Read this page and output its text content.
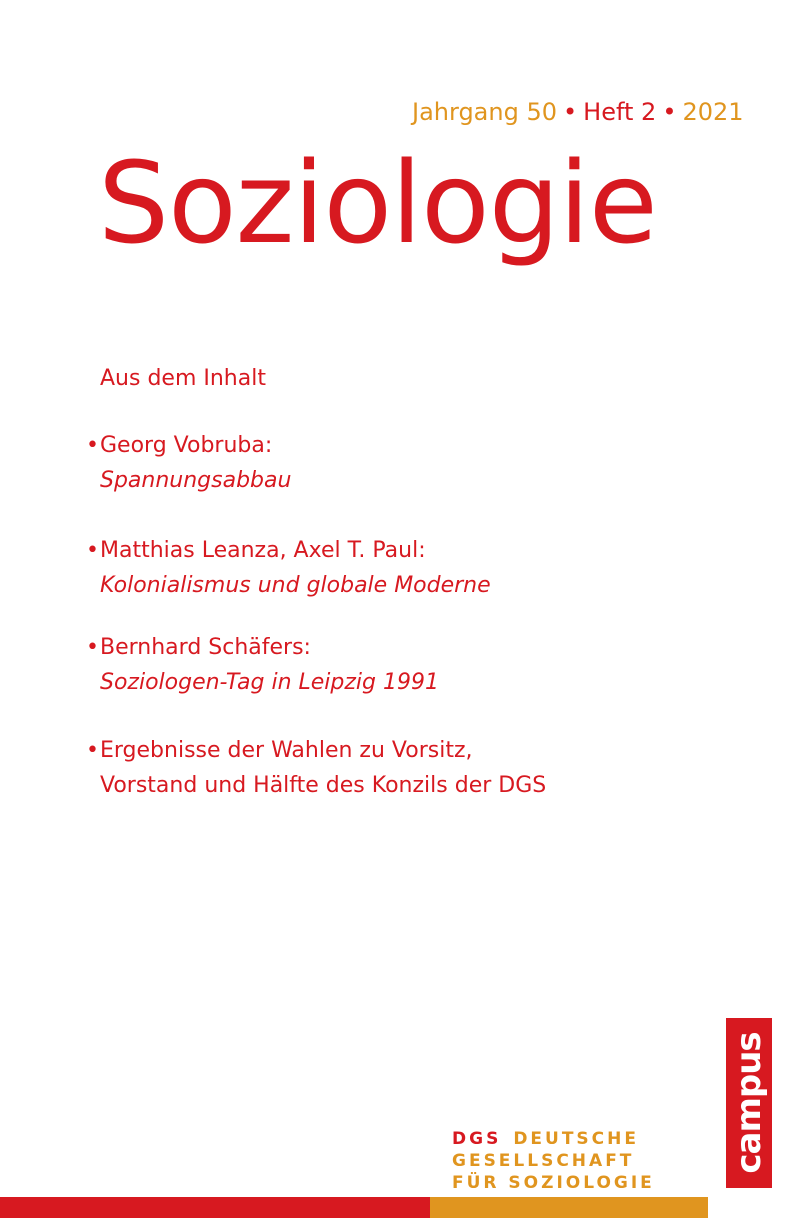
Jahrgang 50 • Heft 2 • 2021
Soziologie
Aus dem Inhalt
• Georg Vobruba:
Spannungsabbau
• Matthias Leanza, Axel T. Paul:
Kolonialismus und globale Moderne
• Bernhard Schäfers:
Soziologen-Tag in Leipzig 1991
• Ergebnisse der Wahlen zu Vorsitz,
Vorstand und Hälfte des Konzils der DGS
campus
DGS DEUTSCHE
GESELLSCHAFT
FÜR SOZIOLOGIE
